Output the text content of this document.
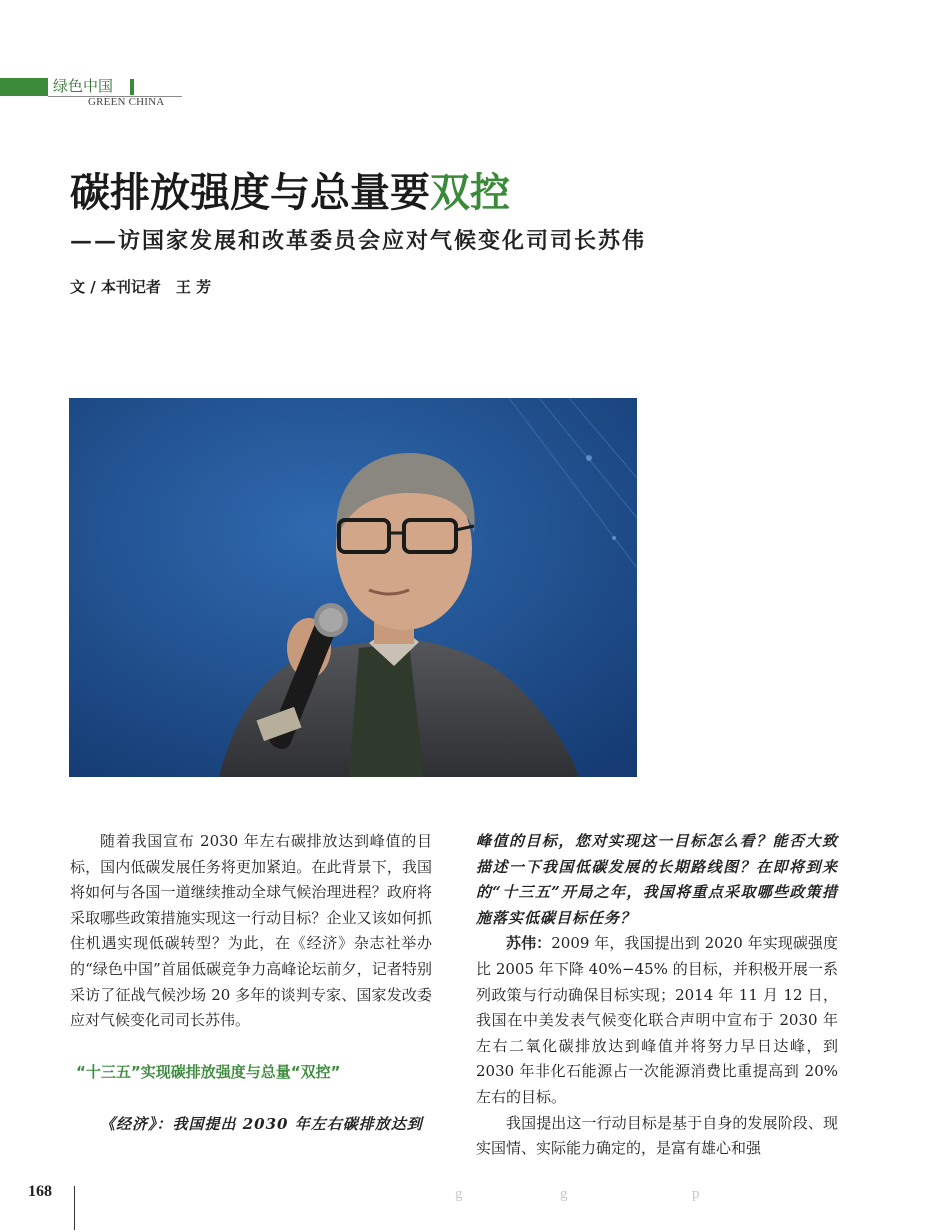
绿色中国
GREEN CHINA
碳排放强度与总量要双控
——访国家发展和改革委员会应对气候变化司司长苏伟
文 / 本刊记者　王 芳

随着我国宣布 2030 年左右碳排放达到峰值的目标，国内低碳发展任务将更加紧迫。在此背景下，我国将如何与各国一道继续推动全球气候治理进程？政府将采取哪些政策措施实现这一行动目标？企业又该如何抓住机遇实现低碳转型？为此，在《经济》杂志社举办的“绿色中国”首届低碳竞争力高峰论坛前夕，记者特别采访了征战气候沙场 20 多年的谈判专家、国家发改委应对气候变化司司长苏伟。

“十三五”实现碳排放强度与总量“双控”

《经济》：我国提出 2030 年左右碳排放达到

峰值的目标，您对实现这一目标怎么看？能否大致描述一下我国低碳发展的长期路线图？在即将到来的“十三五”开局之年，我国将重点采取哪些政策措施落实低碳目标任务？

苏伟：2009 年，我国提出到 2020 年实现碳强度比 2005 年下降 40%−45% 的目标，并积极开展一系列政策与行动确保目标实现；2014 年 11 月 12 日，我国在中美发表气候变化联合声明中宣布于 2030 年左右二氧化碳排放达到峰值并将努力早日达峰，到 2030 年非化石能源占一次能源消费比重提高到 20% 左右的目标。

我国提出这一行动目标是基于自身的发展阶段、现实国情、实际能力确定的，是富有雄心和强

168	g	g	p
